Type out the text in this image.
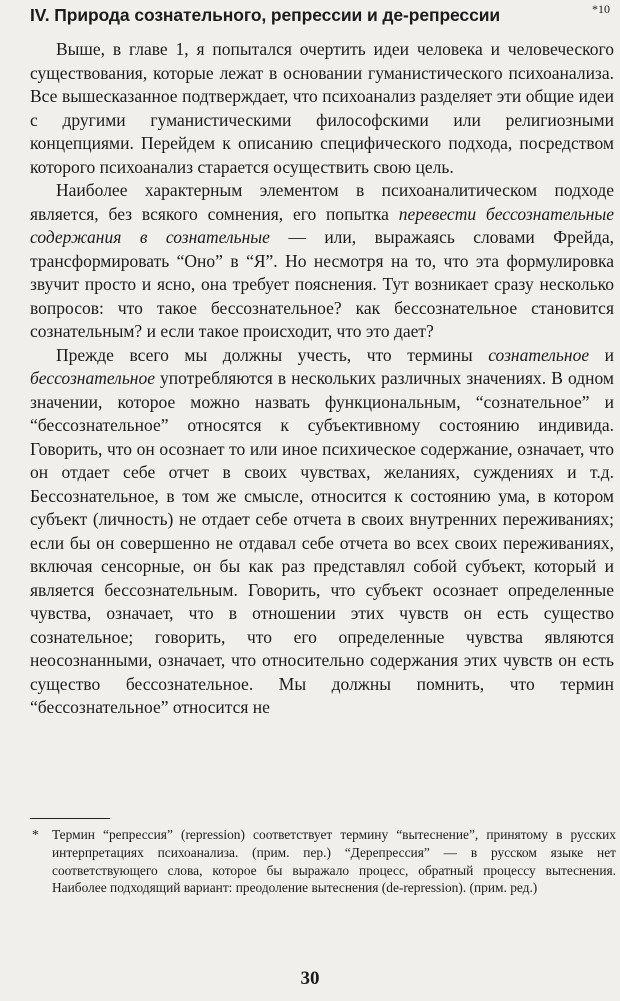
IV. Природа сознательного, репрессии и де-репрессии	*10

Выше, в главе 1, я попытался очертить идеи человека и человеческого существования, которые лежат в основании гуманистического психоанализа. Все вышесказанное подтверждает, что психоанализ разделяет эти общие идеи с другими гуманистическими философскими или религиозными концепциями. Перейдем к описанию специфического подхода, посредством которого психоанализ старается осуществить свою цель.

Наиболее характерным элементом в психоаналитическом подходе является, без всякого сомнения, его попытка перевести бессознательные содержания в сознательные — или, выражаясь словами Фрейда, трансформировать “Оно” в “Я”. Но несмотря на то, что эта формулировка звучит просто и ясно, она требует пояснения. Тут возникает сразу несколько вопросов: что такое бессознательное? как бессознательное становится сознательным? и если такое происходит, что это дает?

Прежде всего мы должны учесть, что термины сознательное и бессознательное употребляются в нескольких различных значениях. В одном значении, которое можно назвать функциональным, “сознательное” и “бессознательное” относятся к субъективному состоянию индивида. Говорить, что он осознает то или иное психическое содержание, означает, что он отдает себе отчет в своих чувствах, желаниях, суждениях и т.д. Бессознательное, в том же смысле, относится к состоянию ума, в котором субъект (личность) не отдает себе отчета в своих внутренних переживаниях; если бы он совершенно не отдавал себе отчета во всех своих переживаниях, включая сенсорные, он бы как раз представлял собой субъект, который и является бессознательным. Говорить, что субъект осознает определенные чувства, означает, что в отношении этих чувств он есть существо сознательное; говорить, что его определенные чувства являются неосознанными, означает, что относительно содержания этих чувств он есть существо бессознательное. Мы должны помнить, что термин “бессознательное” относится не

* Термин “репрессия” (repression) соответствует термину “вытеснение”, принятому в русских интерпретациях психоанализа. (прим. пер.) “Дерепрессия” — в русском языке нет соответствующего слова, которое бы выражало процесс, обратный процессу вытеснения. Наиболее подходящий вариант: преодоление вытеснения (de-repression). (прим. ред.)
30
